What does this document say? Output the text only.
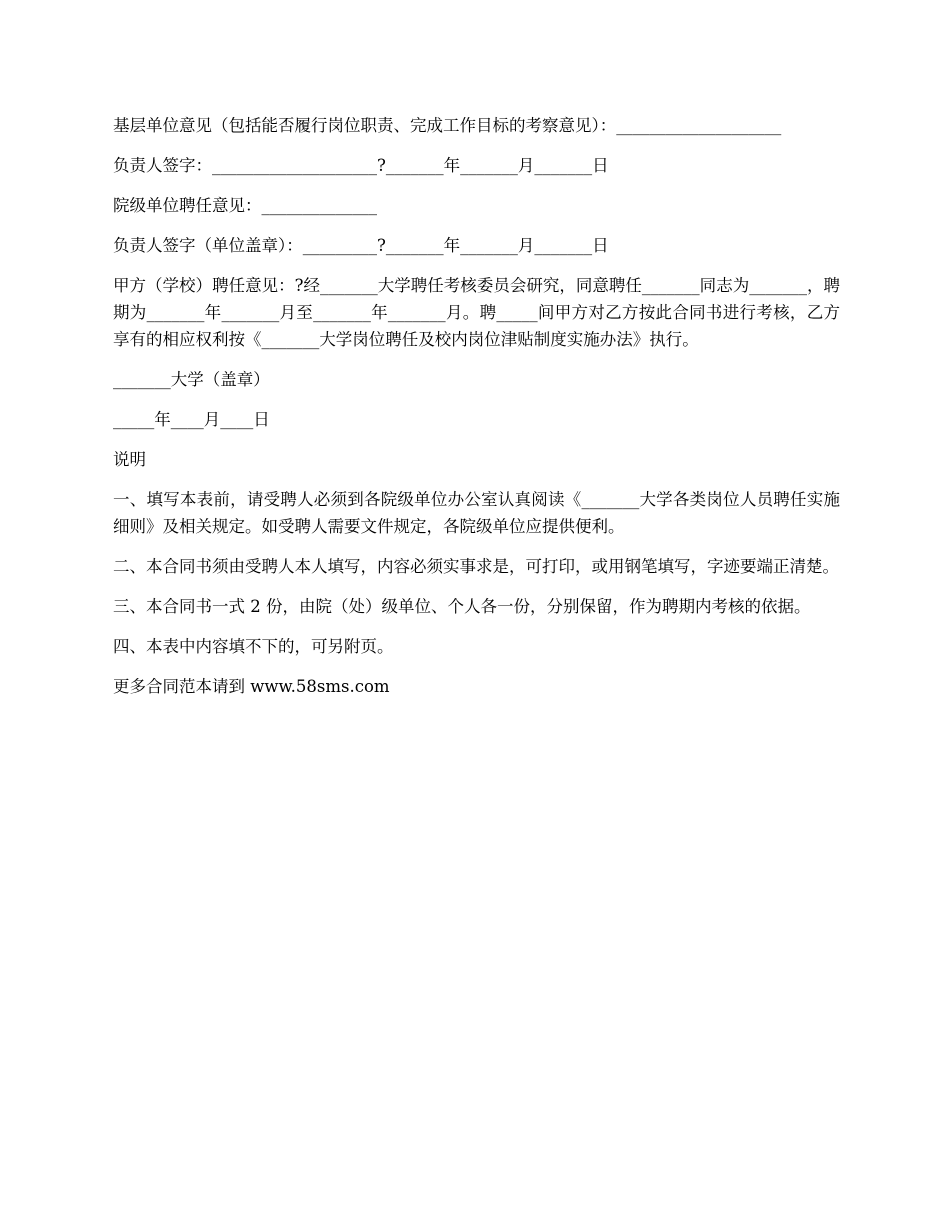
基层单位意见（包括能否履行岗位职责、完成工作目标的考察意见）：____________________

负责人签字：____________________?_______年_______月_______日

院级单位聘任意见：______________

负责人签字（单位盖章）：_________?_______年_______月_______日

甲方（学校）聘任意见：?经_______大学聘任考核委员会研究，同意聘任_______同志为_______，聘期为_______年_______月至_______年_______月。聘_____间甲方对乙方按此合同书进行考核，乙方享有的相应权利按《_______大学岗位聘任及校内岗位津贴制度实施办法》执行。

_______大学（盖章）

_____年____月____日

说明

一、填写本表前，请受聘人必须到各院级单位办公室认真阅读《_______大学各类岗位人员聘任实施细则》及相关规定。如受聘人需要文件规定，各院级单位应提供便利。

二、本合同书须由受聘人本人填写，内容必须实事求是，可打印，或用钢笔填写，字迹要端正清楚。

三、本合同书一式 2 份，由院（处）级单位、个人各一份，分别保留，作为聘期内考核的依据。

四、本表中内容填不下的，可另附页。

更多合同范本请到 www.58sms.com
